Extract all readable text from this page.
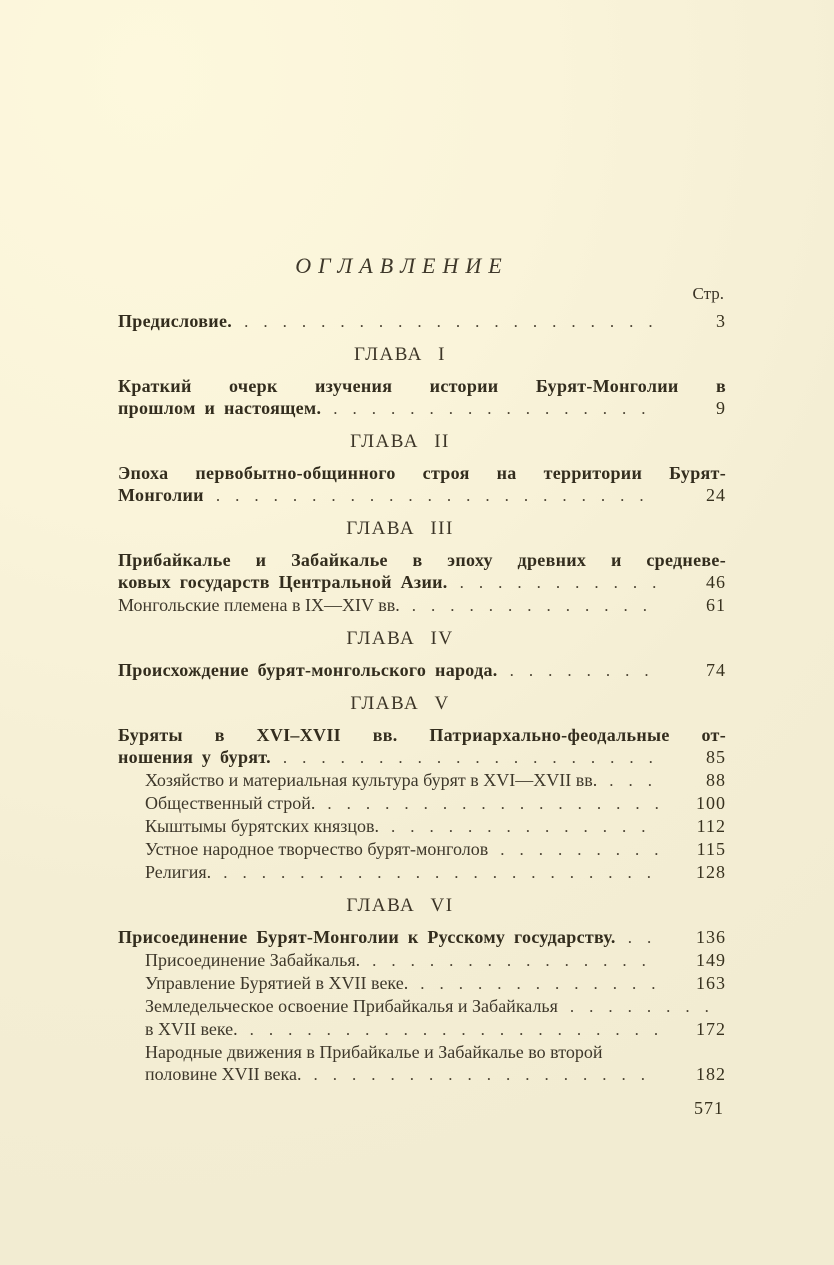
ОГЛАВЛЕНИЕ
Стр.
Предисловие. .....	3
ГЛАВА I
Краткий очерк изучения истории Бурят-Монголии в
прошлом и настоящем. .....	9
ГЛАВА II
Эпоха первобытно-общинного строя на территории Бурят-
Монголии .....	24
ГЛАВА III
Прибайкалье и Забайкалье в эпоху древних и средневе-
ковых государств Центральной Азии. .....	46
Монгольские племена в IX—XIV вв. .....	61
ГЛАВА IV
Происхождение бурят-монгольского народа. .....	74
ГЛАВА V
Буряты в XVI–XVII вв. Патриархально-феодальные от-
ношения у бурят. .....	85
Хозяйство и материальная культура бурят в XVI—XVII вв. .....	88
Общественный строй. .....	100
Кыштымы бурятских князцов. .....	112
Устное народное творчество бурят-монголов .....	115
Религия. .....	128
ГЛАВА VI
Присоединение Бурят-Монголии к Русскому государству. .....	136
Присоединение Забайкалья. .....	149
Управление Бурятией в XVII веке. .....	163
Земледельческое освоение Прибайкалья и Забайкалья
.....
в XVII веке. .....	172
Народные движения в Прибайкалье и Забайкалье во второй
половине XVII века. .....	182
571
